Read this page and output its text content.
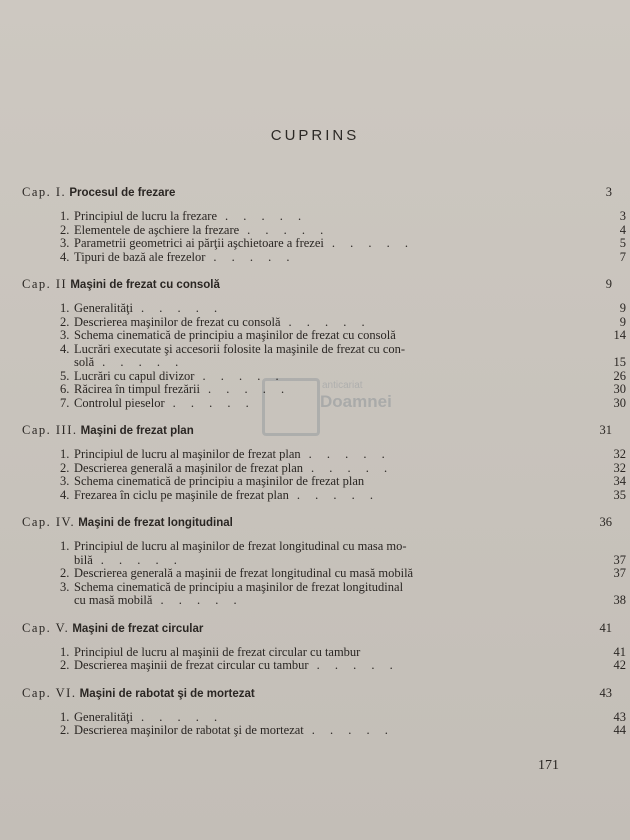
CUPRINS
anticariat
Doamnei
Cap. I. Procesul de frezare	3
1. Principiul de lucru la frezare . . . . .	3
2. Elementele de aşchiere la frezare . . . . .	4
3. Parametrii geometrici ai părţii aşchietoare a frezei . . . . .	5
4. Tipuri de bază ale frezelor . . . . .	7
Cap. II Maşini de frezat cu consolă	9
1. Generalităţi . . . . .	9
2. Descrierea maşinilor de frezat cu consolă . . . . .	9
3. Schema cinematică de principiu a maşinilor de frezat cu consolă	14
4. Lucrări executate şi accesorii folosite la maşinile de frezat cu con-
solă . . . . .	15
5. Lucrări cu capul divizor . . . . .	26
6. Răcirea în timpul frezării . . . . .	30
7. Controlul pieselor . . . . .	30
Cap. III. Maşini de frezat plan	31
1. Principiul de lucru al maşinilor de frezat plan . . . . .	32
2. Descrierea generală a maşinilor de frezat plan . . . . .	32
3. Schema cinematică de principiu a maşinilor de frezat plan	34
4. Frezarea în ciclu pe maşinile de frezat plan . . . . .	35
Cap. IV. Maşini de frezat longitudinal	36
1. Principiul de lucru al maşinilor de frezat longitudinal cu masa mo-
bilă . . . . .	37
2. Descrierea generală a maşinii de frezat longitudinal cu masă mobilă	37
3. Schema cinematică de principiu a maşinilor de frezat longitudinal
cu masă mobilă . . . . .	38
Cap. V. Maşini de frezat circular	41
1. Principiul de lucru al maşinii de frezat circular cu tambur	41
2. Descrierea maşinii de frezat circular cu tambur . . . . .	42
Cap. VI. Maşini de rabotat şi de mortezat	43
1. Generalităţi . . . . .	43
2. Descrierea maşinilor de rabotat şi de mortezat . . . . .	44
171
